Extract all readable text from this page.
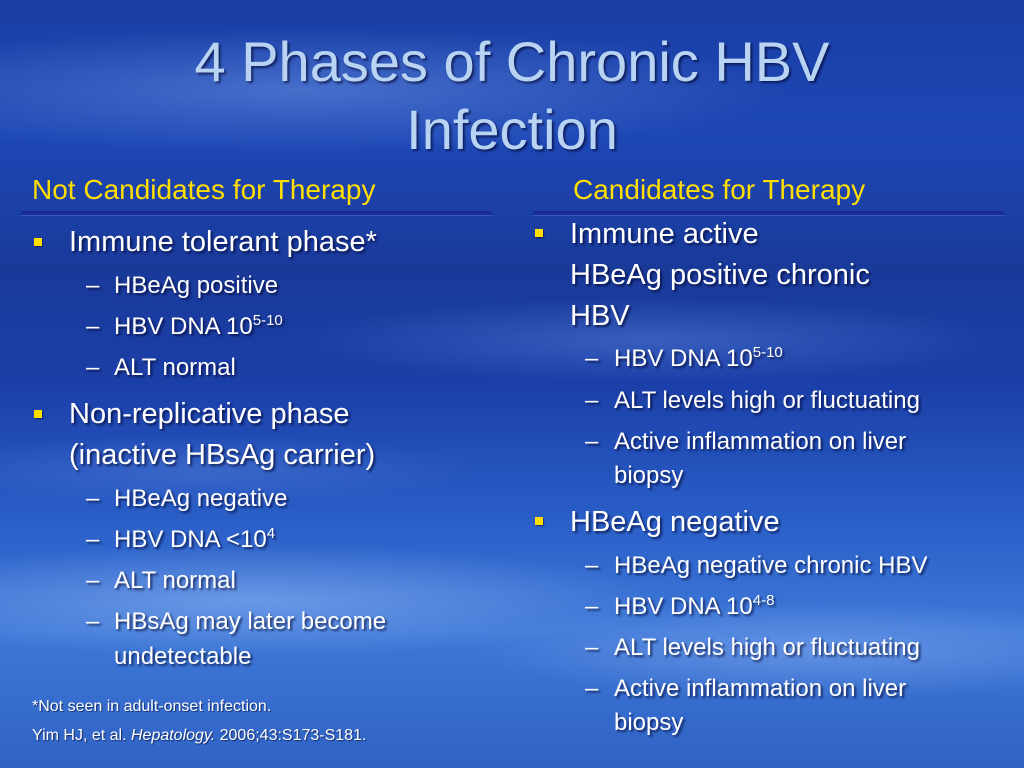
4 Phases of Chronic HBV
Infection
Not Candidates for Therapy	Candidates for Therapy
Immune tolerant phase*
– HBeAg positive
– HBV DNA 10$^{5-10}$
– ALT normal
Non-replicative phase
(inactive HBsAg carrier)
– HBeAg negative
– HBV DNA $<10^4$
– ALT normal
– HBsAg may later become
undetectable
*Not seen in adult-onset infection.
Yim HJ, et al. Hepatology. 2006;43:S173-S181.
Immune active
HBeAg positive chronic
HBV
– HBV DNA 10$^{5-10}$
– ALT levels high or fluctuating
– Active inflammation on liver
biopsy
HBeAg negative
– HBeAg negative chronic HBV
– HBV DNA 10$^{4-8}$
– ALT levels high or fluctuating
– Active inflammation on liver
biopsy
